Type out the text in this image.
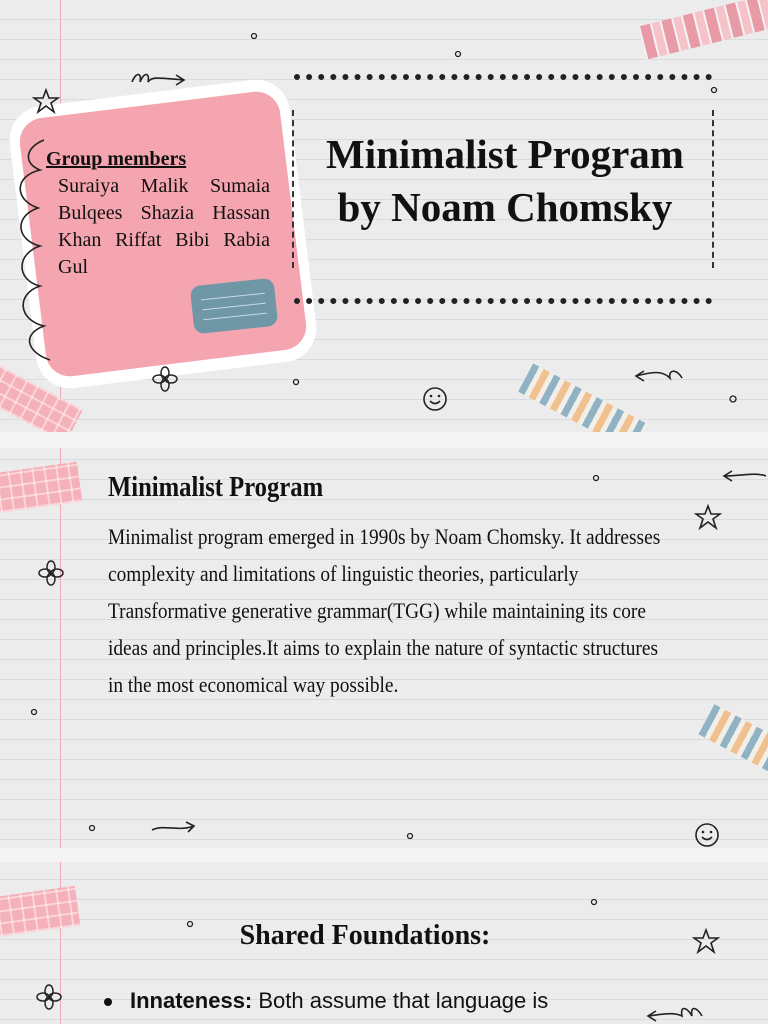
Group members
Suraiya Malik Sumaia Bulqees Shazia Hassan Khan Riffat Bibi Rabia Gul
Minimalist Program
by Noam Chomsky
Minimalist Program

Minimalist program emerged in 1990s by Noam Chomsky. It addresses complexity and limitations of linguistic theories, particularly Transformative generative grammar(TGG) while maintaining its core ideas and principles.It aims to explain the nature of syntactic structures in the most economical way possible.

Shared Foundations:

Innateness: Both assume that language is
